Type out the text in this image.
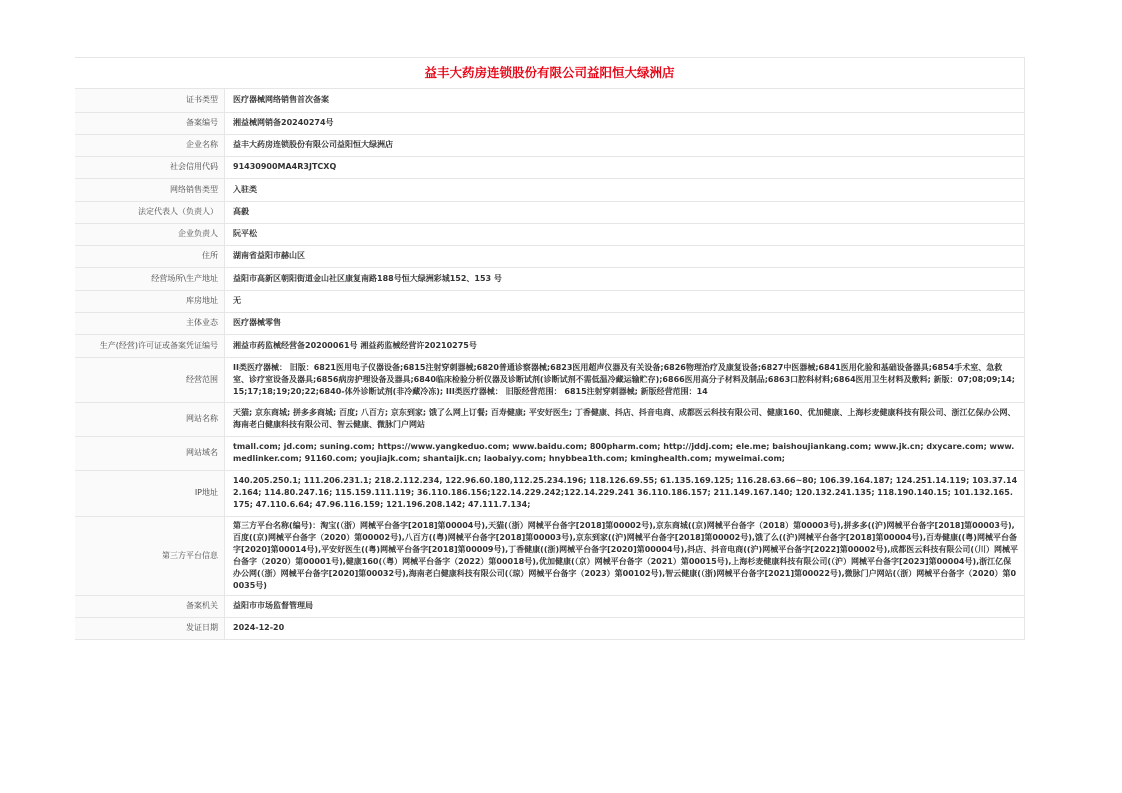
益丰大药房连锁股份有限公司益阳恒大绿洲店
证书类型	医疗器械网络销售首次备案
备案编号	湘益械网销备20240274号
企业名称	益丰大药房连锁股份有限公司益阳恒大绿洲店
社会信用代码	91430900MA4R3JTCXQ
网络销售类型	入驻类
法定代表人（负责人）	高毅
企业负责人	阮平松
住所	湖南省益阳市赫山区
经营场所\生产地址	益阳市高新区朝阳街道金山社区康复南路188号恒大绿洲彩城152、153 号
库房地址	无
主体业态	医疗器械零售
生产(经营)许可证或备案凭证编号	湘益市药监械经营备20200061号 湘益药监械经营许20210275号
经营范围	II类医疗器械： 旧版：6821医用电子仪器设备;6815注射穿刺器械;6820普通诊察器械;6823医用超声仪器及有关设备;6826物理治疗及康复设备;6827中医器械;6841医用化验和基础设备器具;6854手术室、急救室、诊疗室设备及器具;6856病房护理设备及器具;6840临床检验分析仪器及诊断试剂(诊断试剂不需低温冷藏运输贮存);6866医用高分子材料及制品;6863口腔科材料;6864医用卫生材料及敷料; 新版：07;08;09;14;15;17;18;19;20;22;6840-体外诊断试剂(非冷藏冷冻); III类医疗器械： 旧版经营范围： 6815注射穿刺器械; 新版经营范围：14

网站名称	天猫; 京东商城; 拼多多商城; 百度; 八百方; 京东到家; 饿了么网上订餐; 百寿健康; 平安好医生; 丁香健康、抖店、抖音电商、成都医云科技有限公司、健康160、优加健康、上海杉麦健康科技有限公司、浙江亿保办公网、海南老白健康科技有限公司、智云健康、微脉门户网站

网站域名	tmall.com; jd.com; suning.com; https://www.yangkeduo.com; www.baidu.com; 800pharm.com; http://jddj.com; ele.me; baishoujiankang.com; www.jk.cn; dxycare.com; www.medlinker.com; 91160.com; youjiajk.com; shantaijk.cn; laobaiyy.com; hnybbea1th.com; kminghealth.com; myweimai.com;

IP地址	140.205.250.1; 111.206.231.1; 218.2.112.234, 122.96.60.180,112.25.234.196; 118.126.69.55; 61.135.169.125; 116.28.63.66~80; 106.39.164.187; 124.251.14.119; 103.37.142.164; 114.80.247.16; 115.159.111.119; 36.110.186.156;122.14.229.242;122.14.229.241 36.110.186.157; 211.149.167.140; 120.132.241.135; 118.190.140.15; 101.132.165.175; 47.110.6.64; 47.96.116.159; 121.196.208.142; 47.111.7.134;

第三方平台信息	第三方平台名称(编号)：淘宝(（浙）网械平台备字[2018]第00004号),天猫(（浙）网械平台备字[2018]第00002号),京东商城((京)网械平台备字（2018）第00003号),拼多多((沪)网械平台备字[2018]第00003号),百度((京)网械平台备字（2020）第00002号),八百方((粤)网械平台备字[2018]第00003号),京东到家((沪)网械平台备字[2018]第00002号),饿了么((沪)网械平台备字[2018]第00004号),百寿健康((粤)网械平台备字[2020]第00014号),平安好医生((粤)网械平台备字[2018]第00009号),丁香健康((浙)网械平台备字[2020]第00004号),抖店、抖音电商((沪)网械平台备字[2022]第00002号),成都医云科技有限公司(（川）网械平台备字（2020）第00001号),健康160(（粤）网械平台备字（2022）第00018号),优加健康(（京）网械平台备字（2021）第00015号),上海杉麦健康科技有限公司(（沪）网械平台备字[2023]第00004号),浙江亿保办公网(（浙）网械平台备字[2020]第00032号),海南老白健康科技有限公司(（琼）网械平台备字（2023）第00102号),智云健康(（浙)网械平台备字[2021]第00022号),微脉门户网站(（浙）网械平台备字（2020）第00035号)

备案机关	益阳市市场监督管理局
发证日期	2024-12-20
